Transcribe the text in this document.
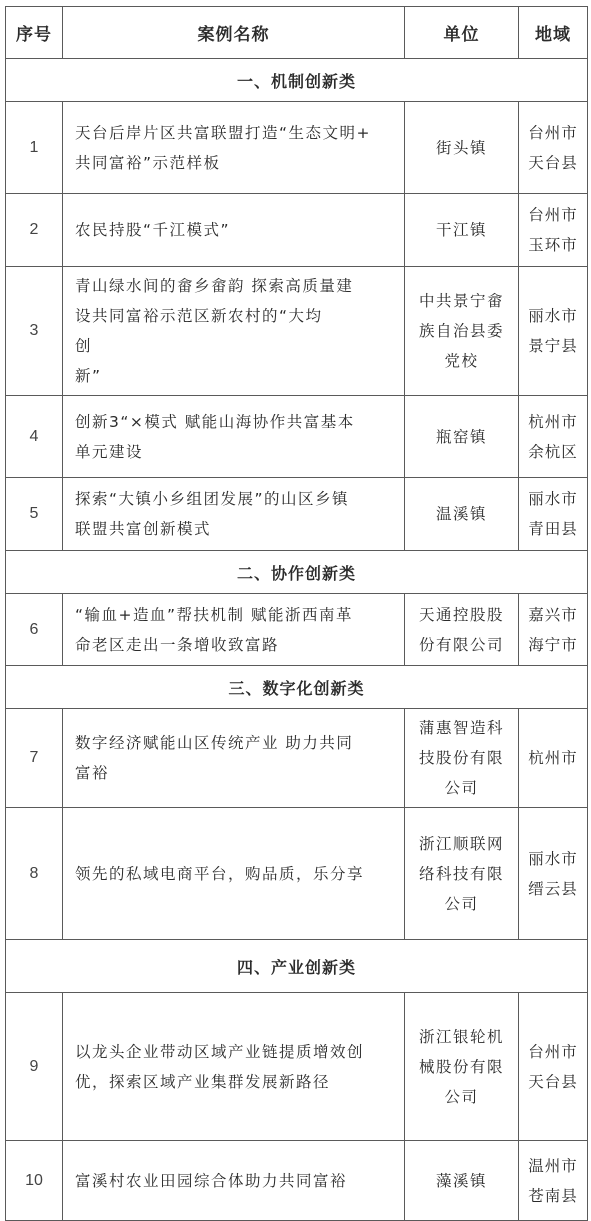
序号	案例名称	单位	地域
一、机制创新类			
1	天台后岸片区共富联盟打造“生态文明+
共同富裕”示范样板	街头镇	台州市
天台县

2	农民持股“千江模式”	干江镇	台州市
玉环市

3	青山绿水间的畲乡畲韵 探索高质量建
设共同富裕示范区新农村的“大均
创
新”	中共景宁畲
族自治县委
党校	丽水市
景宁县

4	创新3“×模式 赋能山海协作共富基本
单元建设	瓶窑镇	杭州市
余杭区

5	探索“大镇小乡组团发展”的山区乡镇
联盟共富创新模式	温溪镇	丽水市
青田县

二、协作创新类			
6	“输血+造血”帮扶机制 赋能浙西南革
命老区走出一条增收致富路	天通控股股
份有限公司	嘉兴市
海宁市

三、数字化创新类			
7	数字经济赋能山区传统产业 助力共同
富裕	蒲惠智造科
技股份有限
公司	杭州市

8	领先的私域电商平台，购品质，乐分享	浙江顺联网
络科技有限
公司	丽水市
缙云县

四、产业创新类			
9	以龙头企业带动区域产业链提质增效创
优，探索区域产业集群发展新路径	浙江银轮机
械股份有限
公司	台州市
天台县

10	富溪村农业田园综合体助力共同富裕	藻溪镇	温州市
苍南县
